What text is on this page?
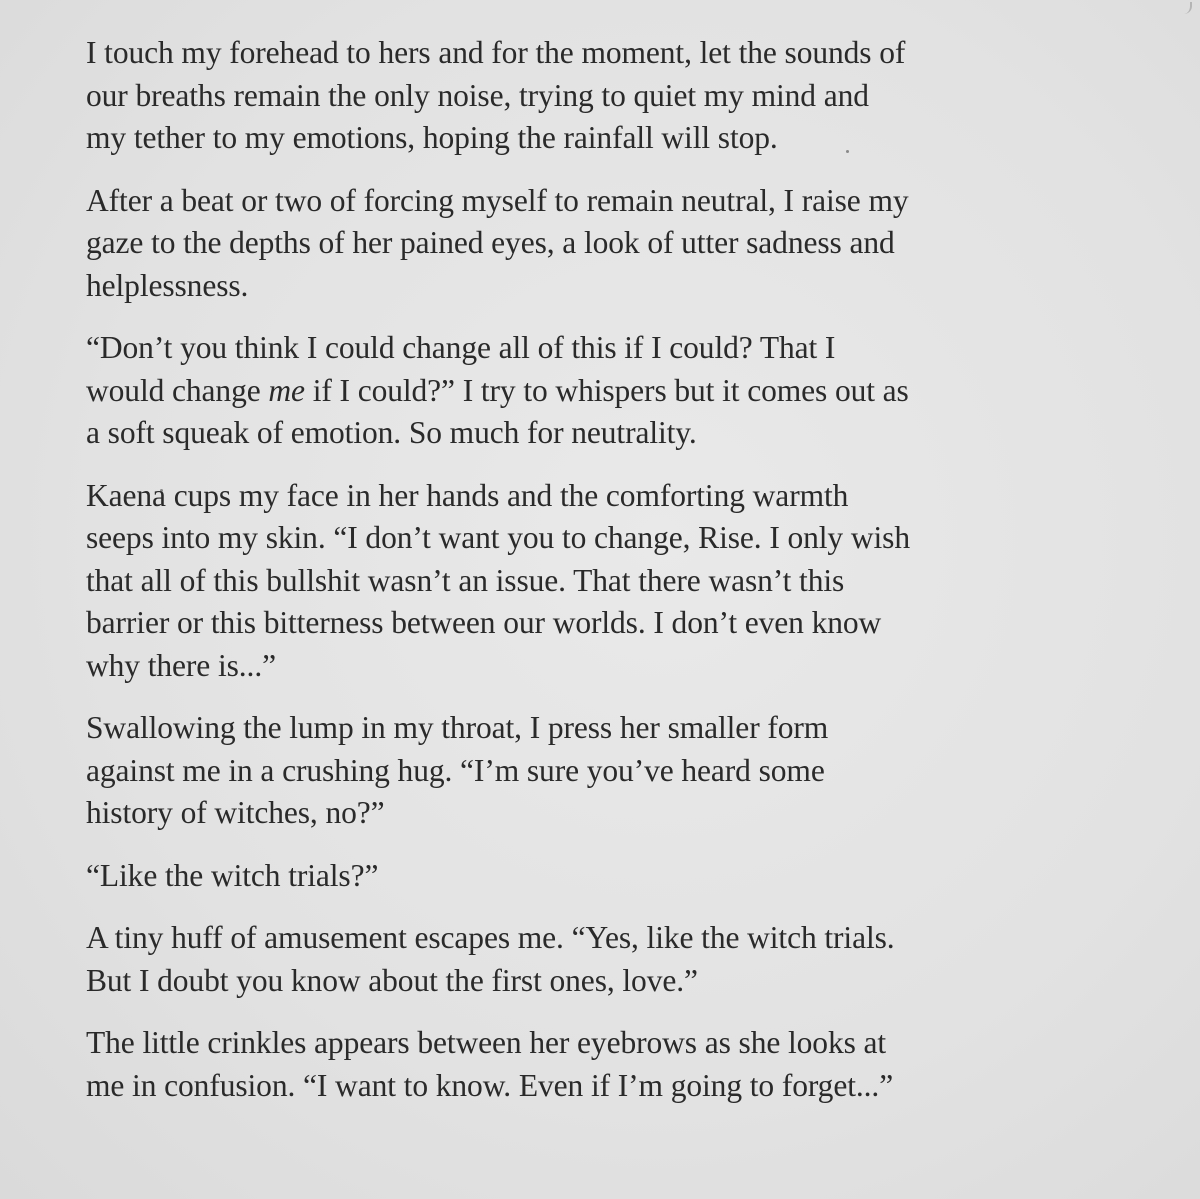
I touch my forehead to hers and for the moment, let the sounds of
our breaths remain the only noise, trying to quiet my mind and
my tether to my emotions, hoping the rainfall will stop.

After a beat or two of forcing myself to remain neutral, I raise my
gaze to the depths of her pained eyes, a look of utter sadness and
helplessness.

“Don’t you think I could change all of this if I could? That I
would change me if I could?” I try to whispers but it comes out as
a soft squeak of emotion. So much for neutrality.

Kaena cups my face in her hands and the comforting warmth
seeps into my skin. “I don’t want you to change, Rise. I only wish
that all of this bullshit wasn’t an issue. That there wasn’t this
barrier or this bitterness between our worlds. I don’t even know
why there is...”

Swallowing the lump in my throat, I press her smaller form
against me in a crushing hug. “I’m sure you’ve heard some
history of witches, no?”

“Like the witch trials?”

A tiny huff of amusement escapes me. “Yes, like the witch trials.
But I doubt you know about the first ones, love.”

The little crinkles appears between her eyebrows as she looks at
me in confusion. “I want to know. Even if I’m going to forget...”
